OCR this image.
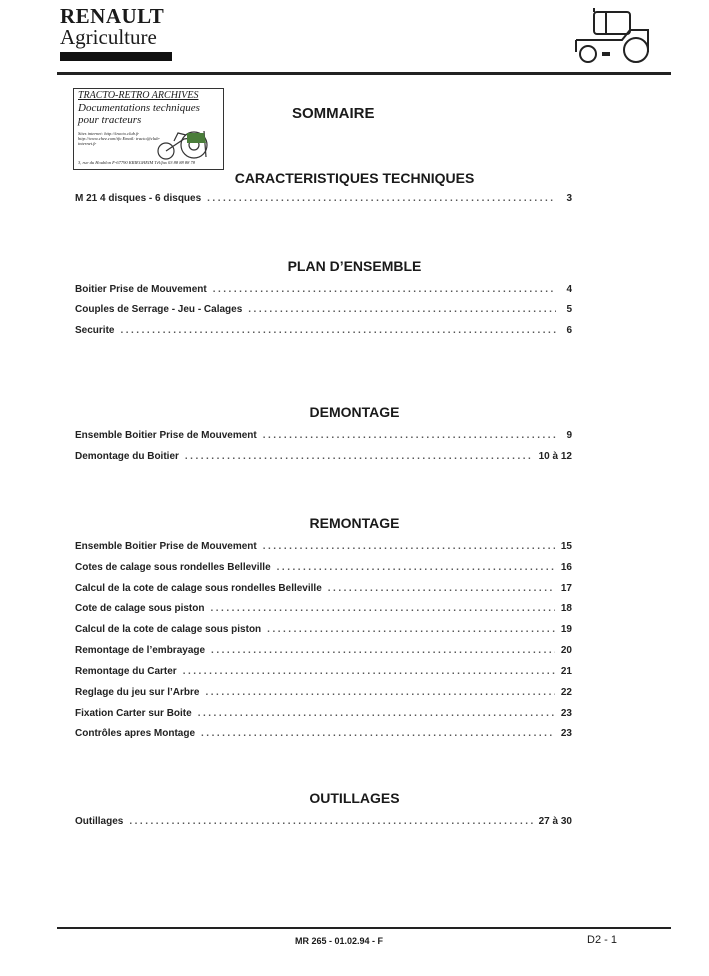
RENAULT
Agriculture
TRACTO-RETRO ARCHIVES
Documentations techniques pour tracteurs
Sites internet: http://tracto.club.fr http://www.chez.com/tfo Email: tracto@club-internet.fr
3, rue du Houblon F-67790 KRIEGHEIM Tél/fax 03 88 88 88 78
SOMMAIRE
CARACTERISTIQUES TECHNIQUES
M 21 4 disques - 6 disques .....	3
PLAN D’ENSEMBLE
Boitier Prise de Mouvement .....	4
Couples de Serrage - Jeu - Calages .....	5
Securite .....	6
DEMONTAGE
Ensemble Boitier Prise de Mouvement .....	9
Demontage du Boitier .....	10 à 12
REMONTAGE
Ensemble Boitier Prise de Mouvement .....	15
Cotes de calage sous rondelles Belleville .....	16
Calcul de la cote de calage sous rondelles Belleville .....	17
Cote de calage sous piston .....	18
Calcul de la cote de calage sous piston .....	19
Remontage de l’embrayage .....	20
Remontage du Carter .....	21
Reglage du jeu sur l’Arbre .....	22
Fixation Carter sur Boite .....	23
Contrôles apres Montage .....	23
OUTILLAGES
Outillages .....	27 à 30
MR 265 - 01.02.94 - F	D2 - 1
